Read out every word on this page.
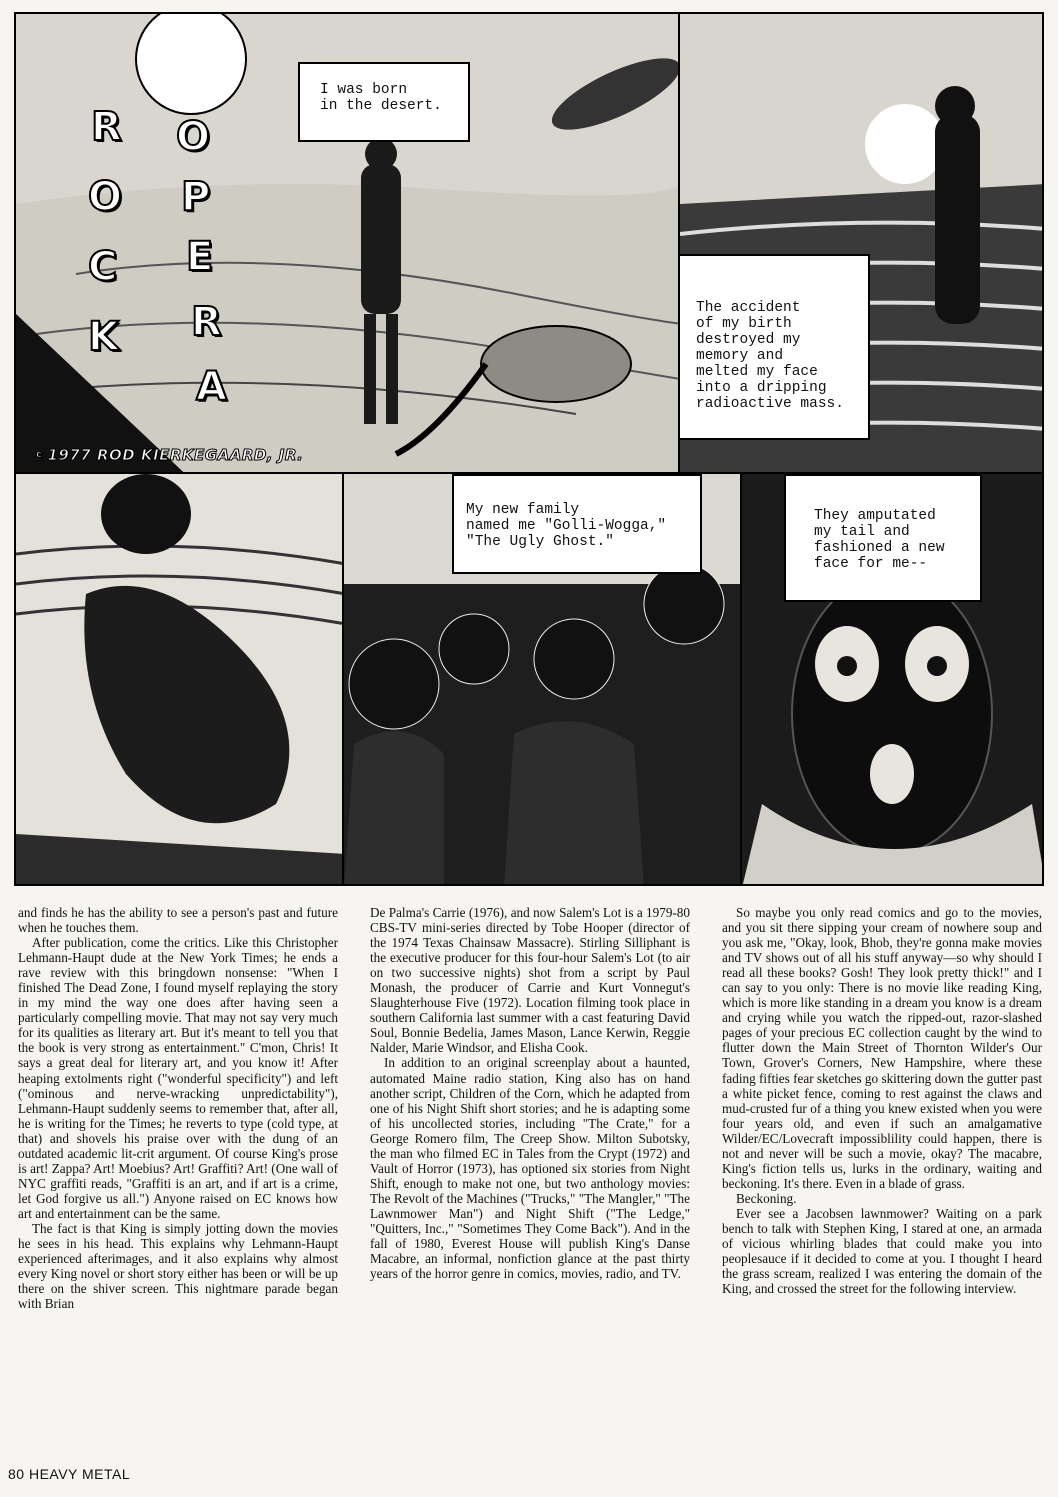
R
O
C
K
O
P
E
R
A
©1977 ROD KIERKEGAARD, JR.
I was born
in the desert.
The accident
of my birth
destroyed my
memory and
melted my face
into a dripping
radioactive mass.
My new family
named me "Golli-Wogga,"
"The Ugly Ghost."
They amputated
my tail and
fashioned a new
face for me--

and finds he has the ability to see a person's past and future when he touches them.

After publication, come the critics. Like this Christopher Lehmann-Haupt dude at the New York Times; he ends a rave review with this bringdown nonsense: "When I finished The Dead Zone, I found myself replaying the story in my mind the way one does after having seen a particularly compelling movie. That may not say very much for its qualities as literary art. But it's meant to tell you that the book is very strong as entertainment." C'mon, Chris! It says a great deal for literary art, and you know it! After heaping extolments right ("wonderful specificity") and left ("ominous and nerve-wracking unpredictability"), Lehmann-Haupt suddenly seems to remember that, after all, he is writing for the Times; he reverts to type (cold type, at that) and shovels his praise over with the dung of an outdated academic lit-crit argument. Of course King's prose is art! Zappa? Art! Moebius? Art! Graffiti? Art! (One wall of NYC graffiti reads, "Graffiti is an art, and if art is a crime, let God forgive us all.") Anyone raised on EC knows how art and entertainment can be the same.

The fact is that King is simply jotting down the movies he sees in his head. This explains why Lehmann-Haupt experienced afterimages, and it also explains why almost every King novel or short story either has been or will be up there on the shiver screen. This nightmare parade began with Brian

De Palma's Carrie (1976), and now Salem's Lot is a 1979-80 CBS-TV mini-series directed by Tobe Hooper (director of the 1974 Texas Chainsaw Massacre). Stirling Silliphant is the executive producer for this four-hour Salem's Lot (to air on two successive nights) shot from a script by Paul Monash, the producer of Carrie and Kurt Vonnegut's Slaughterhouse Five (1972). Location filming took place in southern California last summer with a cast featuring David Soul, Bonnie Bedelia, James Mason, Lance Kerwin, Reggie Nalder, Marie Windsor, and Elisha Cook.

In addition to an original screenplay about a haunted, automated Maine radio station, King also has on hand another script, Children of the Corn, which he adapted from one of his Night Shift short stories; and he is adapting some of his uncollected stories, including "The Crate," for a George Romero film, The Creep Show. Milton Subotsky, the man who filmed EC in Tales from the Crypt (1972) and Vault of Horror (1973), has optioned six stories from Night Shift, enough to make not one, but two anthology movies: The Revolt of the Machines ("Trucks," "The Mangler," "The Lawnmower Man") and Night Shift ("The Ledge," "Quitters, Inc.," "Sometimes They Come Back"). And in the fall of 1980, Everest House will publish King's Danse Macabre, an informal, nonfiction glance at the past thirty years of the horror genre in comics, movies, radio, and TV.

So maybe you only read comics and go to the movies, and you sit there sipping your cream of nowhere soup and you ask me, "Okay, look, Bhob, they're gonna make movies and TV shows out of all his stuff anyway—so why should I read all these books? Gosh! They look pretty thick!" and I can say to you only: There is no movie like reading King, which is more like standing in a dream you know is a dream and crying while you watch the ripped-out, razor-slashed pages of your precious EC collection caught by the wind to flutter down the Main Street of Thornton Wilder's Our Town, Grover's Corners, New Hampshire, where these fading fifties fear sketches go skittering down the gutter past a white picket fence, coming to rest against the claws and mud-crusted fur of a thing you knew existed when you were four years old, and even if such an amalgamative Wilder/EC/Lovecraft impossiblility could happen, there is not and never will be such a movie, okay? The macabre, King's fiction tells us, lurks in the ordinary, waiting and beckoning. It's there. Even in a blade of grass.

Beckoning.

Ever see a Jacobsen lawnmower? Waiting on a park bench to talk with Stephen King, I stared at one, an armada of vicious whirling blades that could make you into peoplesauce if it decided to come at you. I thought I heard the grass scream, realized I was entering the domain of the King, and crossed the street for the following interview.

80 HEAVY METAL
